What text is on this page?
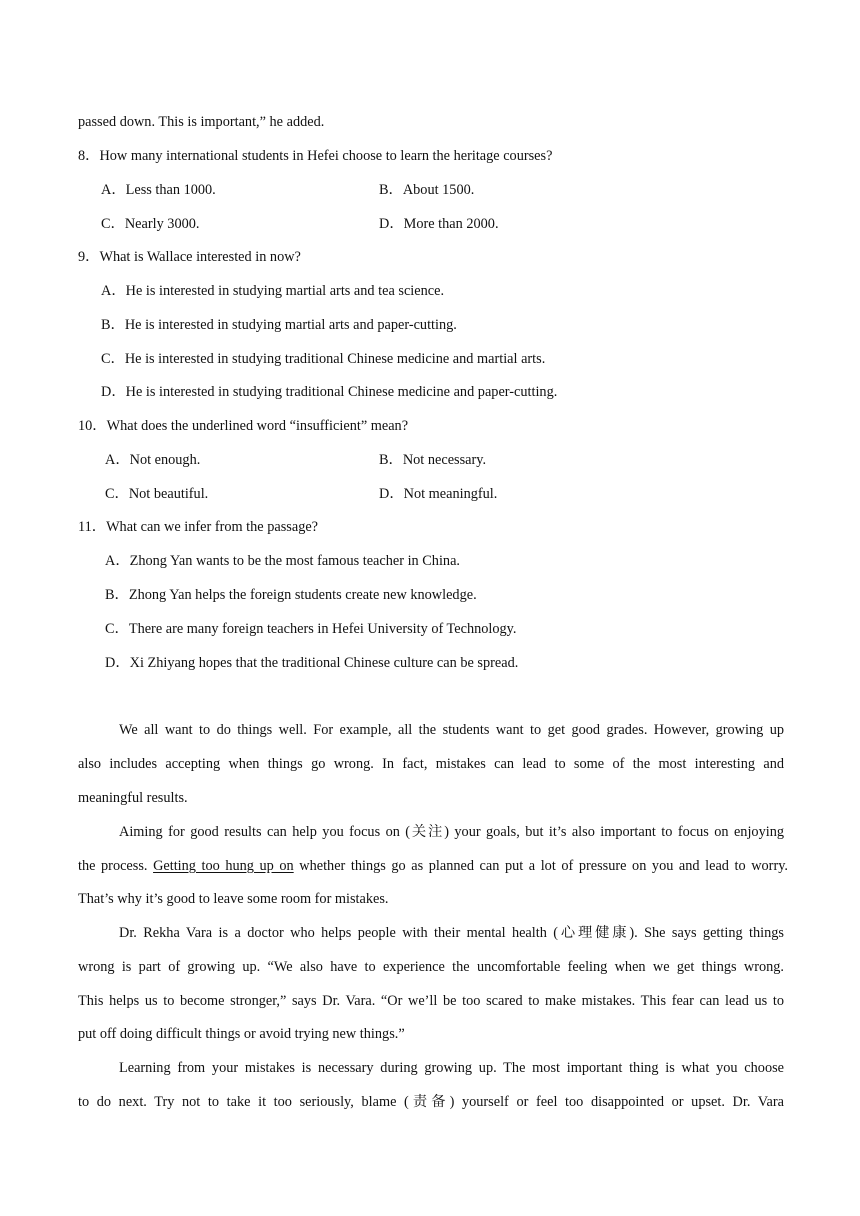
passed down. This is important,” he added.
8．How many international students in Hefei choose to learn the heritage courses?
A．Less than 1000.	B．About 1500.
C．Nearly 3000.	D．More than 2000.
9．What is Wallace interested in now?
A．He is interested in studying martial arts and tea science.
B．He is interested in studying martial arts and paper-cutting.
C．He is interested in studying traditional Chinese medicine and martial arts.
D．He is interested in studying traditional Chinese medicine and paper-cutting.
10．What does the underlined word “insufficient” mean?
A．Not enough.	B．Not necessary.
C．Not beautiful.	D．Not meaningful.
11．What can we infer from the passage?
A．Zhong Yan wants to be the most famous teacher in China.
B．Zhong Yan helps the foreign students create new knowledge.
C．There are many foreign teachers in Hefei University of Technology.
D．Xi Zhiyang hopes that the traditional Chinese culture can be spread.
We all want to do things well. For example, all the students want to get good grades. However, growing up
also includes accepting when things go wrong. In fact, mistakes can lead to some of the most interesting and
meaningful results.
Aiming for good results can help you focus on (关注) your goals, but it’s also important to focus on enjoying
the process. Getting too hung up on whether things go as planned can put a lot of pressure on you and lead to worry.
That’s why it’s good to leave some room for mistakes.
Dr. Rekha Vara is a doctor who helps people with their mental health (心理健康). She says getting things
wrong is part of growing up. “We also have to experience the uncomfortable feeling when we get things wrong.
This helps us to become stronger,” says Dr. Vara. “Or we’ll be too scared to make mistakes. This fear can lead us to
put off doing difficult things or avoid trying new things.”
Learning from your mistakes is necessary during growing up. The most important thing is what you choose
to do next. Try not to take it too seriously, blame (责备) yourself or feel too disappointed or upset. Dr. Vara
